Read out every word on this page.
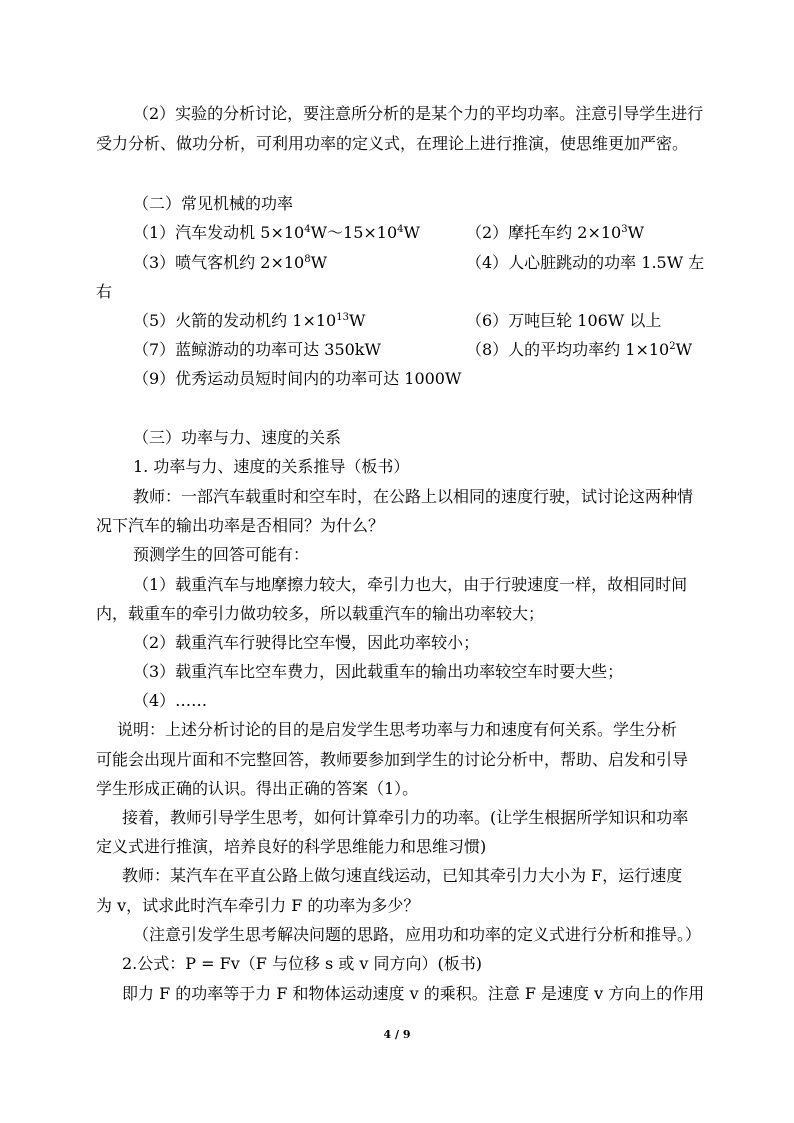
（2）实验的分析讨论，要注意所分析的是某个力的平均功率。注意引导学生进行
受力分析、做功分析，可利用功率的定义式，在理论上进行推演，使思维更加严密。
（二）常见机械的功率
（1）汽车发动机 $5\times 10^4W\sim 15\times 10^4W$	（2）摩托车约 $2\times 10^3W$
（3）喷气客机约 $2\times 10^8W$	（4）人心脏跳动的功率 1.5W 左
右
（5）火箭的发动机约 $1\times 10^{13}W$	（6）万吨巨轮 106W 以上
（7）蓝鲸游动的功率可达 350kW	（8）人的平均功率约 $1\times 10^2W$
（9）优秀运动员短时间内的功率可达 1000W
（三）功率与力、速度的关系
1. 功率与力、速度的关系推导（板书）
教师：一部汽车载重时和空车时，在公路上以相同的速度行驶，试讨论这两种情
况下汽车的输出功率是否相同？为什么？
预测学生的回答可能有：
（1）载重汽车与地摩擦力较大，牵引力也大，由于行驶速度一样，故相同时间
内，载重车的牵引力做功较多，所以载重汽车的输出功率较大；
（2）载重汽车行驶得比空车慢，因此功率较小；
（3）载重汽车比空车费力，因此载重车的输出功率较空车时要大些；
（4）……
说明：上述分析讨论的目的是启发学生思考功率与力和速度有何关系。学生分析
可能会出现片面和不完整回答，教师要参加到学生的讨论分析中，帮助、启发和引导
学生形成正确的认识。得出正确的答案（1）。
接着，教师引导学生思考，如何计算牵引力的功率。(让学生根据所学知识和功率
定义式进行推演，培养良好的科学思维能力和思维习惯)
教师：某汽车在平直公路上做匀速直线运动，已知其牵引力大小为 F，运行速度
为 v，试求此时汽车牵引力 F 的功率为多少？
（注意引发学生思考解决问题的思路，应用功和功率的定义式进行分析和推导。）
2.公式：P = Fv（F 与位移 s 或 v 同方向）(板书)
即力 F 的功率等于力 F 和物体运动速度 v 的乘积。注意 F 是速度 v 方向上的作用
4 / 9
